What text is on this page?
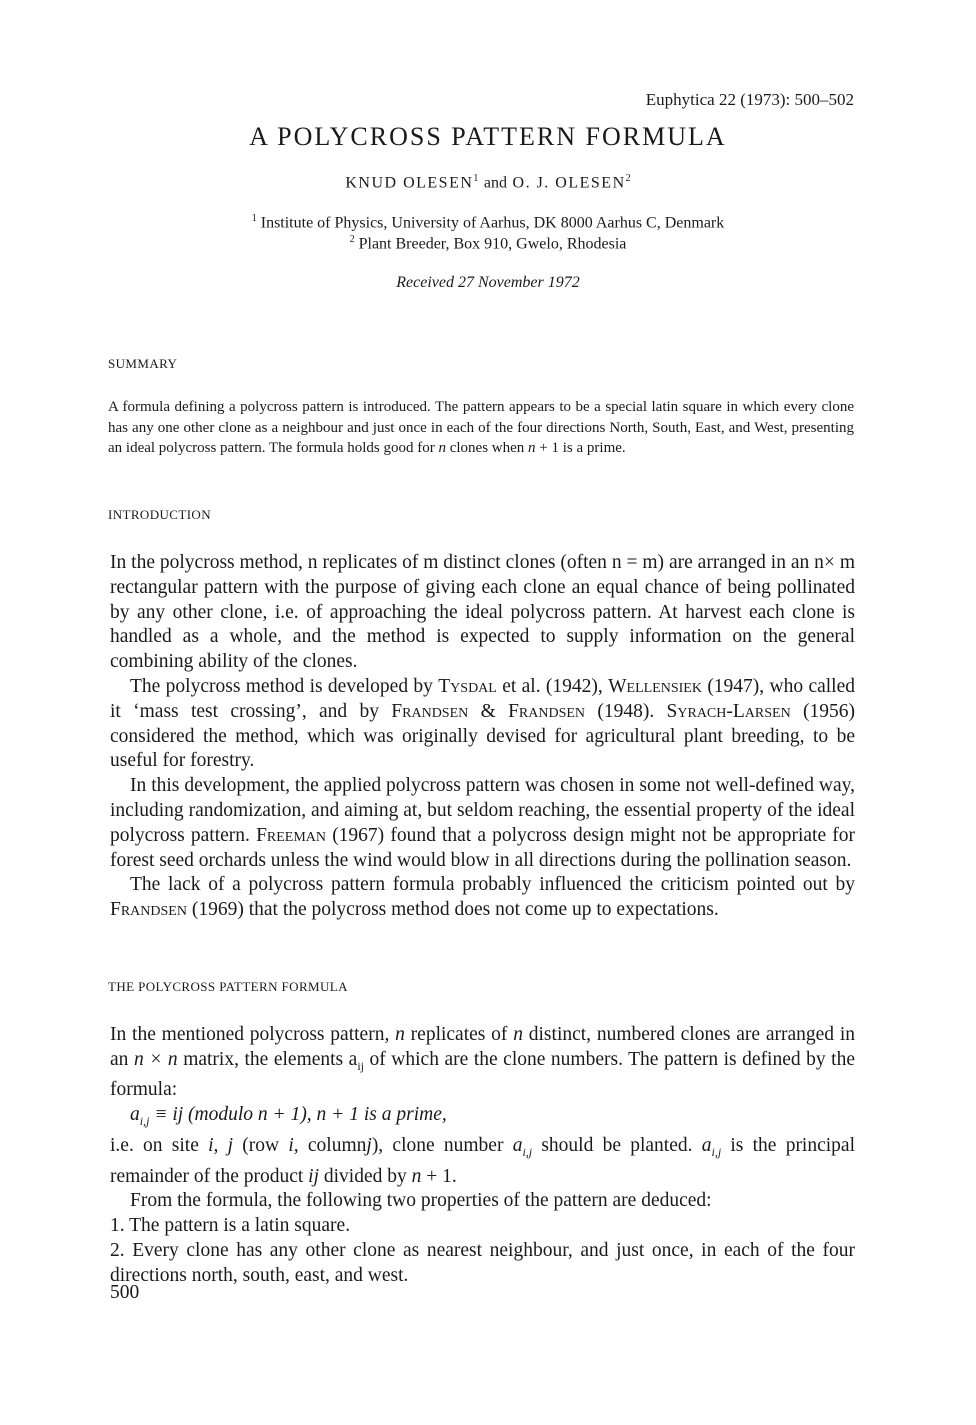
Euphytica 22 (1973): 500–502
A POLYCROSS PATTERN FORMULA
KNUD OLESEN$^1$ and O. J. OLESEN$^2$
$^1$ Institute of Physics, University of Aarhus, DK 8000 Aarhus C, Denmark
$^2$ Plant Breeder, Box 910, Gwelo, Rhodesia
Received 27 November 1972
SUMMARY
A formula defining a polycross pattern is introduced. The pattern appears to be a special latin square in which every clone has any one other clone as a neighbour and just once in each of the four directions North, South, East, and West, presenting an ideal polycross pattern. The formula holds good for n clones when n + 1 is a prime.
INTRODUCTION

In the polycross method, n replicates of m distinct clones (often n = m) are arranged in an n× m rectangular pattern with the purpose of giving each clone an equal chance of being pollinated by any other clone, i.e. of approaching the ideal polycross pattern. At harvest each clone is handled as a whole, and the method is expected to supply information on the general combining ability of the clones.

The polycross method is developed by Tysdal et al. (1942), Wellensiek (1947), who called it ‘mass test crossing’, and by Frandsen & Frandsen (1948). Syrach-Larsen (1956) considered the method, which was originally devised for agricultural plant breeding, to be useful for forestry.

In this development, the applied polycross pattern was chosen in some not well-defined way, including randomization, and aiming at, but seldom reaching, the essential property of the ideal polycross pattern. Freeman (1967) found that a polycross design might not be appropriate for forest seed orchards unless the wind would blow in all directions during the pollination season.

The lack of a polycross pattern formula probably influenced the criticism pointed out by Frandsen (1969) that the polycross method does not come up to expectations.

THE POLYCROSS PATTERN FORMULA

In the mentioned polycross pattern, n replicates of n distinct, numbered clones are arranged in an n × n matrix, the elements $a_{ij}$ of which are the clone numbers. The pattern is defined by the formula:

$a_{i,j}$ ≡ ij (modulo n + 1), n + 1 is a prime,

i.e. on site i, j (row i, columnj), clone number $a_{i,j}$ should be planted. $a_{i,j}$ is the principal remainder of the product ij divided by n + 1.

From the formula, the following two properties of the pattern are deduced:

1. The pattern is a latin square.

2. Every clone has any other clone as nearest neighbour, and just once, in each of the four directions north, south, east, and west.

500
